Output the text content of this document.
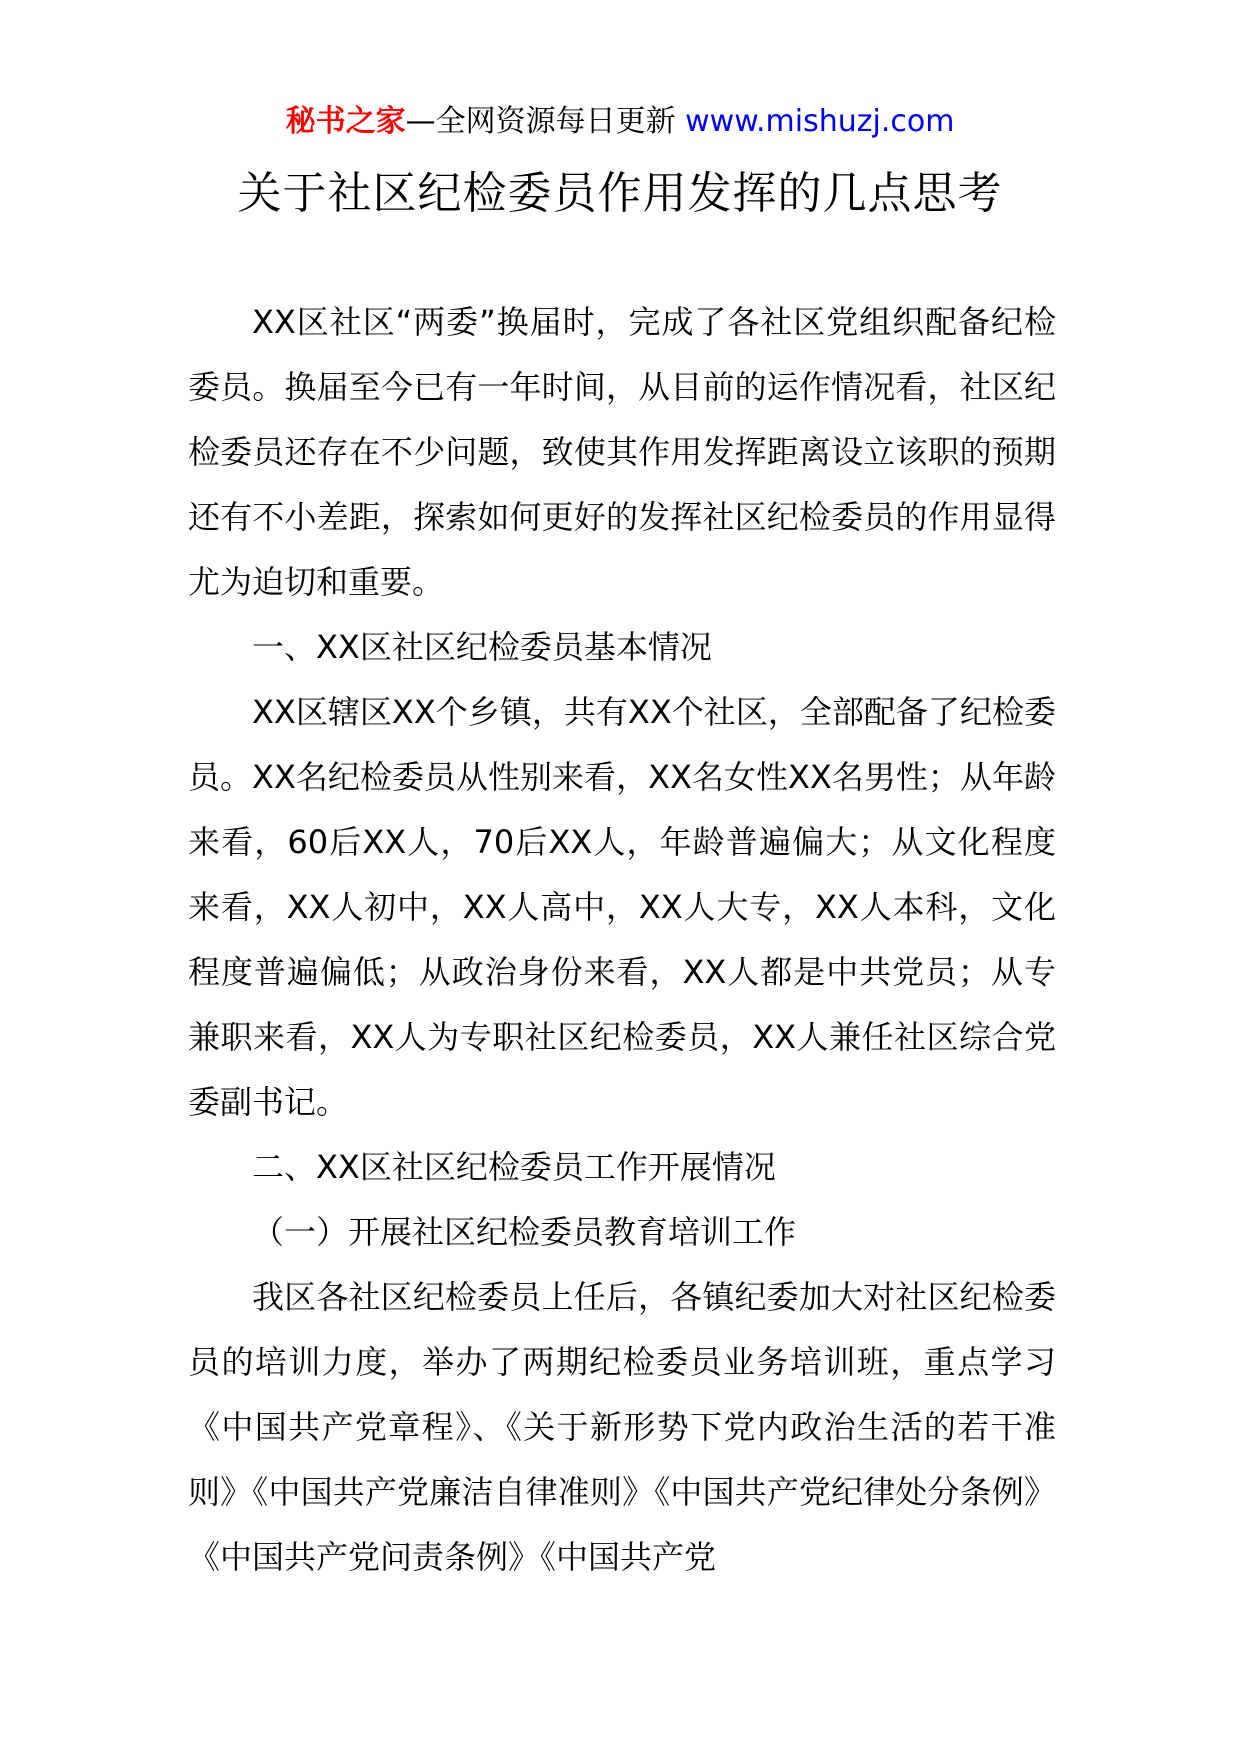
秘书之家—全网资源每日更新 www.mishuzj.com
关于社区纪检委员作用发挥的几点思考

XX区社区“两委”换届时，完成了各社区党组织配备纪检委员。换届至今已有一年时间，从目前的运作情况看，社区纪检委员还存在不少问题，致使其作用发挥距离设立该职的预期还有不小差距，探索如何更好的发挥社区纪检委员的作用显得尤为迫切和重要。

一、XX区社区纪检委员基本情况

XX区辖区XX个乡镇，共有XX个社区，全部配备了纪检委员。XX名纪检委员从性别来看，XX名女性XX名男性；从年龄来看，60后XX人，70后XX人，年龄普遍偏大；从文化程度来看，XX人初中，XX人高中，XX人大专，XX人本科，文化程度普遍偏低；从政治身份来看，XX人都是中共党员；从专兼职来看，XX人为专职社区纪检委员，XX人兼任社区综合党委副书记。

二、XX区社区纪检委员工作开展情况

（一）开展社区纪检委员教育培训工作

我区各社区纪检委员上任后，各镇纪委加大对社区纪检委员的培训力度，举办了两期纪检委员业务培训班，重点学习《中国共产党章程》、《关于新形势下党内政治生活的若干准则》《中国共产党廉洁自律准则》《中国共产党纪律处分条例》《中国共产党问责条例》《中国共产党
